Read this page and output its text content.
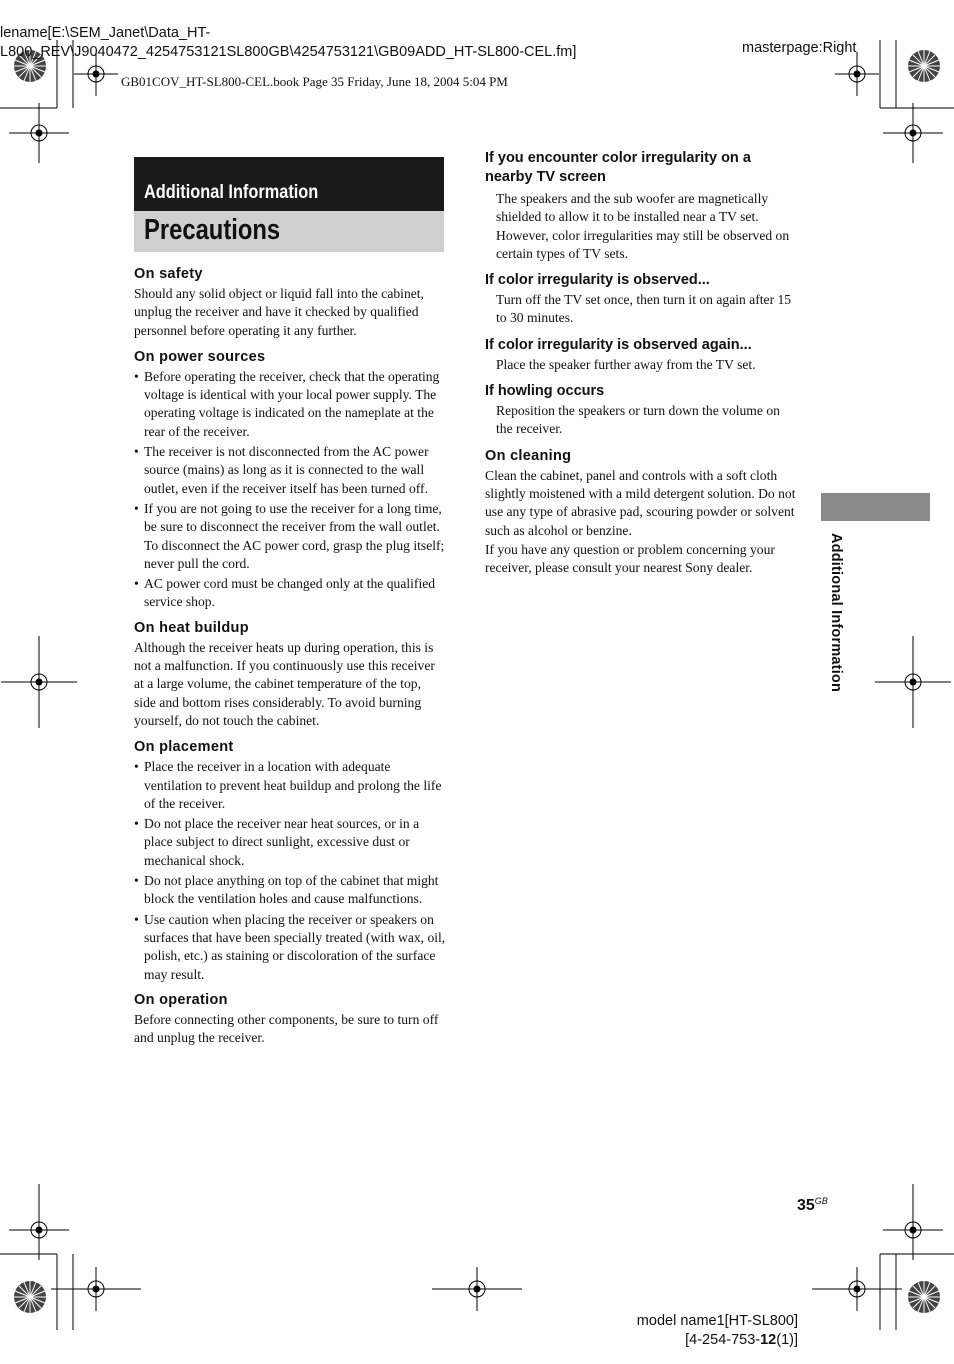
lename[E:\SEM_Janet\Data_HT-
L800_REV\J9040472_4254753121SL800GB\4254753121\GB09ADD_HT-SL800-CEL.fm]	masterpage:Right
GB01COV_HT-SL800-CEL.book Page 35 Friday, June 18, 2004 5:04 PM
Additional Information
Precautions

On safety

Should any solid object or liquid fall into the cabinet, unplug the receiver and have it checked by qualified personnel before operating it any further.

On power sources

• Before operating the receiver, check that the operating voltage is identical with your local power supply. The operating voltage is indicated on the nameplate at the rear of the receiver.
• The receiver is not disconnected from the AC power source (mains) as long as it is connected to the wall outlet, even if the receiver itself has been turned off.
• If you are not going to use the receiver for a long time, be sure to disconnect the receiver from the wall outlet. To disconnect the AC power cord, grasp the plug itself; never pull the cord.
• AC power cord must be changed only at the qualified service shop.

On heat buildup

Although the receiver heats up during operation, this is not a malfunction. If you continuously use this receiver at a large volume, the cabinet temperature of the top, side and bottom rises considerably. To avoid burning yourself, do not touch the cabinet.

On placement

• Place the receiver in a location with adequate ventilation to prevent heat buildup and prolong the life of the receiver.
• Do not place the receiver near heat sources, or in a place subject to direct sunlight, excessive dust or mechanical shock.
• Do not place anything on top of the cabinet that might block the ventilation holes and cause malfunctions.
• Use caution when placing the receiver or speakers on surfaces that have been specially treated (with wax, oil, polish, etc.) as staining or discoloration of the surface may result.

On operation

Before connecting other components, be sure to turn off and unplug the receiver.

If you encounter color irregularity on a nearby TV screen

The speakers and the sub woofer are magnetically shielded to allow it to be installed near a TV set. However, color irregularities may still be observed on certain types of TV sets.

If color irregularity is observed...

Turn off the TV set once, then turn it on again after 15 to 30 minutes.

If color irregularity is observed again...

Place the speaker further away from the TV set.

If howling occurs

Reposition the speakers or turn down the volume on the receiver.

On cleaning

Clean the cabinet, panel and controls with a soft cloth slightly moistened with a mild detergent solution. Do not use any type of abrasive pad, scouring powder or solvent such as alcohol or benzine.

If you have any question or problem concerning your receiver, please consult your nearest Sony dealer.	Additional Information
$35^{GB}$
model name1[HT-SL800]
[4-254-753-12(1)]
